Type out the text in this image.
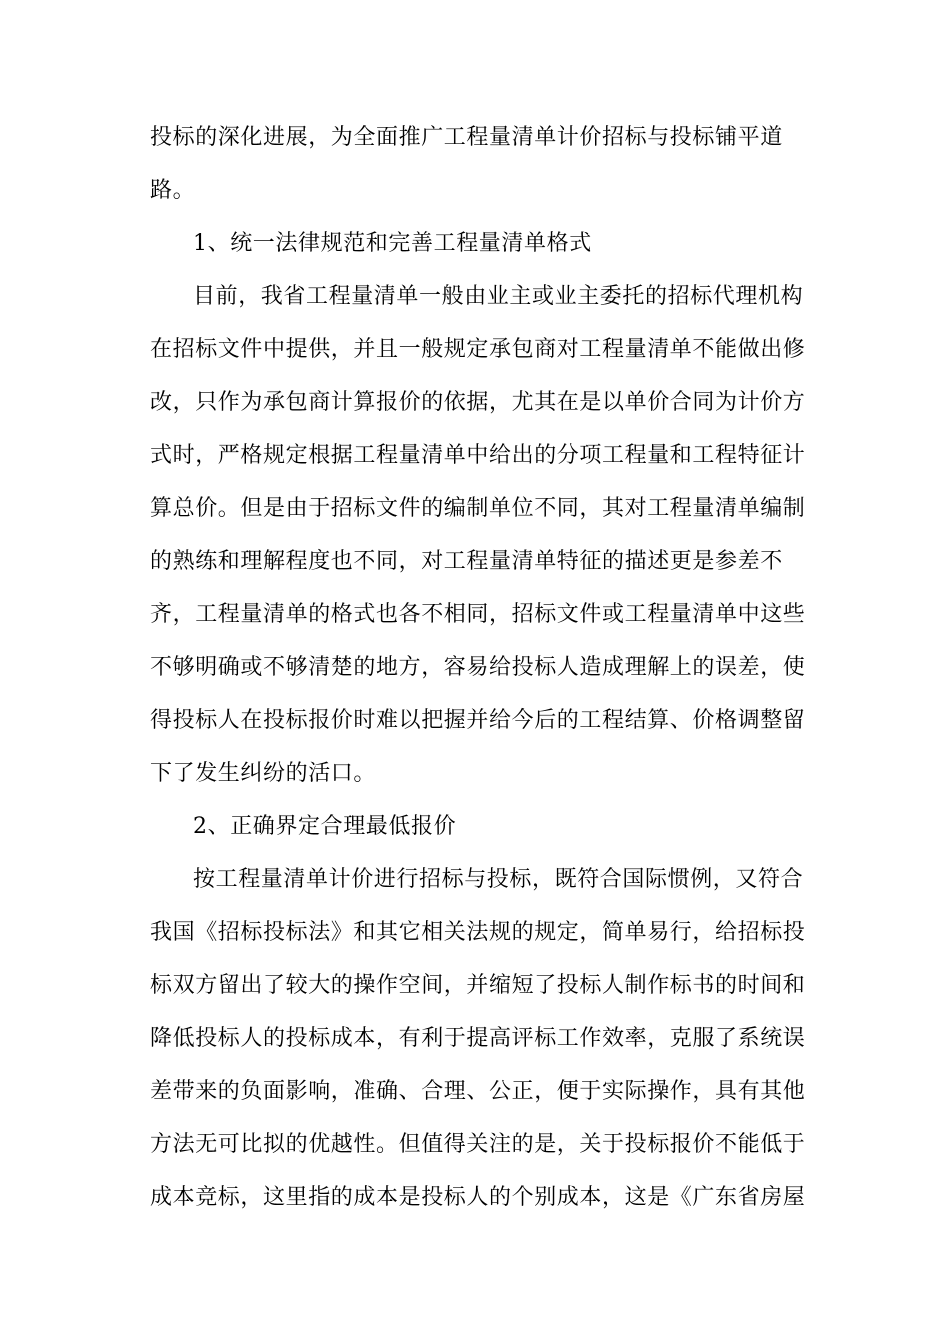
投标的深化进展，为全面推广工程量清单计价招标与投标铺平道
路。
1、统一法律规范和完善工程量清单格式
目前，我省工程量清单一般由业主或业主委托的招标代理机构
在招标文件中提供，并且一般规定承包商对工程量清单不能做出修
改，只作为承包商计算报价的依据，尤其在是以单价合同为计价方
式时，严格规定根据工程量清单中给出的分项工程量和工程特征计
算总价。但是由于招标文件的编制单位不同，其对工程量清单编制
的熟练和理解程度也不同，对工程量清单特征的描述更是参差不
齐，工程量清单的格式也各不相同，招标文件或工程量清单中这些
不够明确或不够清楚的地方，容易给投标人造成理解上的误差，使
得投标人在投标报价时难以把握并给今后的工程结算、价格调整留
下了发生纠纷的活口。
2、正确界定合理最低报价
按工程量清单计价进行招标与投标，既符合国际惯例，又符合
我国《招标投标法》和其它相关法规的规定，简单易行，给招标投
标双方留出了较大的操作空间，并缩短了投标人制作标书的时间和
降低投标人的投标成本，有利于提高评标工作效率，克服了系统误
差带来的负面影响，准确、合理、公正，便于实际操作，具有其他
方法无可比拟的优越性。但值得关注的是，关于投标报价不能低于
成本竞标，这里指的成本是投标人的个别成本，这是《广东省房屋
